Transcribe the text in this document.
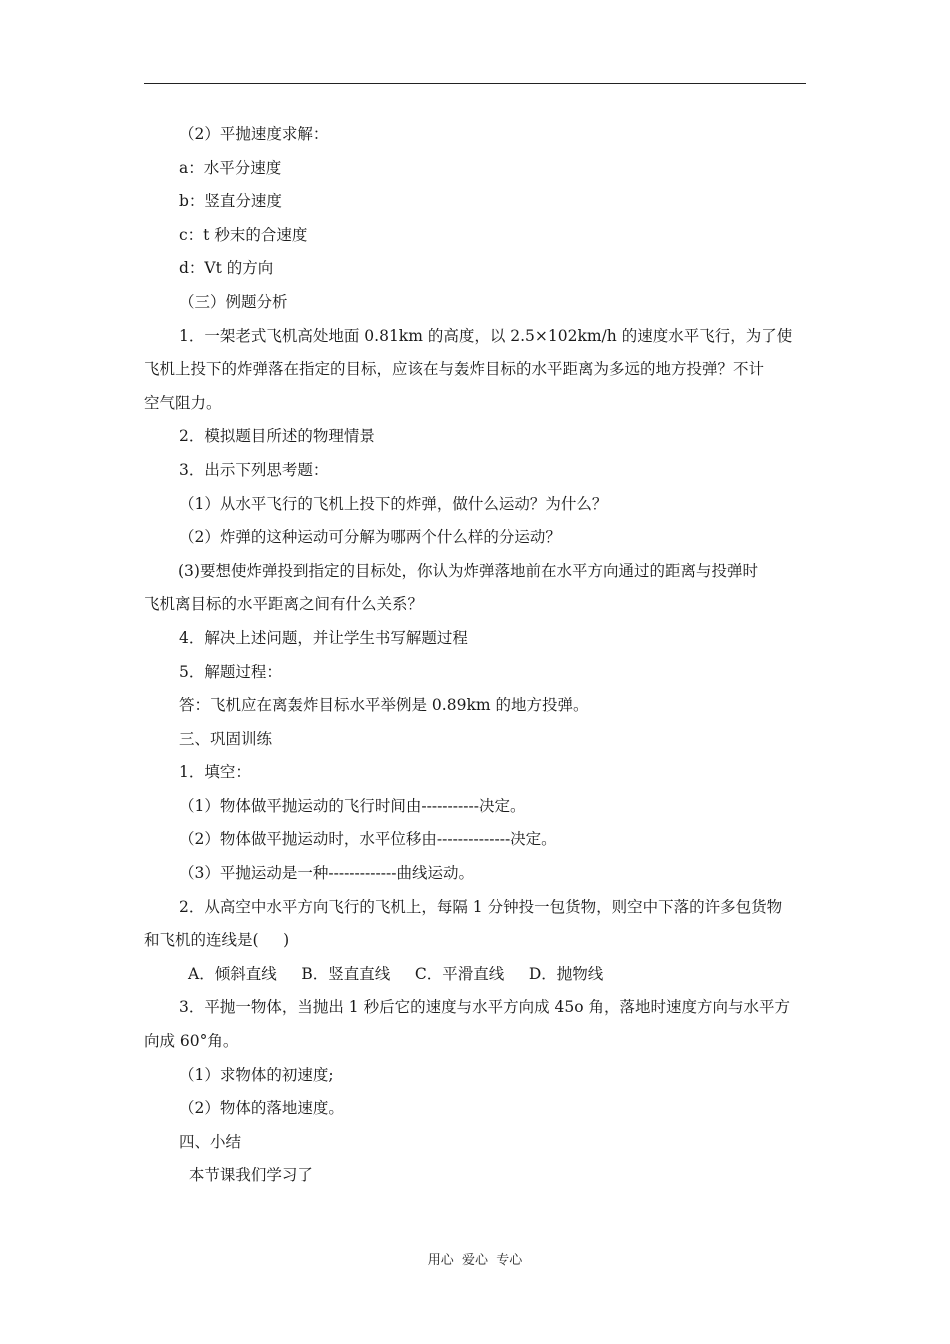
（2）平抛速度求解：
a：水平分速度
b：竖直分速度
c：t 秒末的合速度
d：Vt 的方向
（三）例题分析
1．一架老式飞机高处地面 0.81km 的高度，以 2.5×102km/h 的速度水平飞行，为了使
飞机上投下的炸弹落在指定的目标，应该在与轰炸目标的水平距离为多远的地方投弹？不计
空气阻力。
2．模拟题目所述的物理情景
3．出示下列思考题：
（1）从水平飞行的飞机上投下的炸弹，做什么运动？为什么？
（2）炸弹的这种运动可分解为哪两个什么样的分运动？
(3)要想使炸弹投到指定的目标处，你认为炸弹落地前在水平方向通过的距离与投弹时
飞机离目标的水平距离之间有什么关系？
4．解决上述问题，并让学生书写解题过程
5．解题过程：
答：飞机应在离轰炸目标水平举例是 0.89km 的地方投弹。
三、巩固训练
1．填空：
（1）物体做平抛运动的飞行时间由-----------决定。
（2）物体做平抛运动时，水平位移由--------------决定。
（3）平抛运动是一种-------------曲线运动。
2．从高空中水平方向飞行的飞机上，每隔 1 分钟投一包货物，则空中下落的许多包货物
和飞机的连线是(     )
A．倾斜直线     B．竖直直线     C．平滑直线     D．抛物线
3．平抛一物体，当抛出 1 秒后它的速度与水平方向成 45o 角，落地时速度方向与水平方
向成 60°角。
（1）求物体的初速度;
（2）物体的落地速度。
四、小结
本节课我们学习了
用心  爱心  专心
